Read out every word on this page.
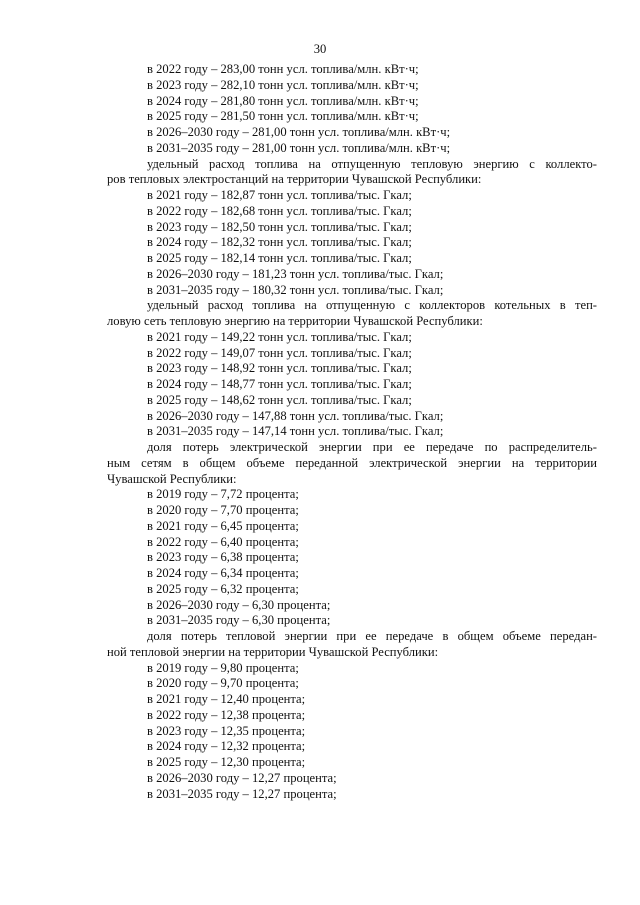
30
в 2022 году – 283,00 тонн усл. топлива/млн. кВт·ч;
в 2023 году – 282,10 тонн усл. топлива/млн. кВт·ч;
в 2024 году – 281,80 тонн усл. топлива/млн. кВт·ч;
в 2025 году – 281,50 тонн усл. топлива/млн. кВт·ч;
в 2026–2030 году – 281,00 тонн усл. топлива/млн. кВт·ч;
в 2031–2035 году – 281,00 тонн усл. топлива/млн. кВт·ч;
удельный расход топлива на отпущенную тепловую энергию с коллекто-
ров тепловых электростанций на территории Чувашской Республики:
в 2021 году – 182,87 тонн усл. топлива/тыс. Гкал;
в 2022 году – 182,68 тонн усл. топлива/тыс. Гкал;
в 2023 году – 182,50 тонн усл. топлива/тыс. Гкал;
в 2024 году – 182,32 тонн усл. топлива/тыс. Гкал;
в 2025 году – 182,14 тонн усл. топлива/тыс. Гкал;
в 2026–2030 году – 181,23 тонн усл. топлива/тыс. Гкал;
в 2031–2035 году – 180,32 тонн усл. топлива/тыс. Гкал;
удельный расход топлива на отпущенную с коллекторов котельных в теп-
ловую сеть тепловую энергию на территории Чувашской Республики:
в 2021 году – 149,22 тонн усл. топлива/тыс. Гкал;
в 2022 году – 149,07 тонн усл. топлива/тыс. Гкал;
в 2023 году – 148,92 тонн усл. топлива/тыс. Гкал;
в 2024 году – 148,77 тонн усл. топлива/тыс. Гкал;
в 2025 году – 148,62 тонн усл. топлива/тыс. Гкал;
в 2026–2030 году – 147,88 тонн усл. топлива/тыс. Гкал;
в 2031–2035 году – 147,14 тонн усл. топлива/тыс. Гкал;
доля потерь электрической энергии при ее передаче по распределитель-
ным сетям в общем объеме переданной электрической энергии на территории
Чувашской Республики:
в 2019 году – 7,72 процента;
в 2020 году – 7,70 процента;
в 2021 году – 6,45 процента;
в 2022 году – 6,40 процента;
в 2023 году – 6,38 процента;
в 2024 году – 6,34 процента;
в 2025 году – 6,32 процента;
в 2026–2030 году – 6,30 процента;
в 2031–2035 году – 6,30 процента;
доля потерь тепловой энергии при ее передаче в общем объеме передан-
ной тепловой энергии на территории Чувашской Республики:
в 2019 году – 9,80 процента;
в 2020 году – 9,70 процента;
в 2021 году – 12,40 процента;
в 2022 году – 12,38 процента;
в 2023 году – 12,35 процента;
в 2024 году – 12,32 процента;
в 2025 году – 12,30 процента;
в 2026–2030 году – 12,27 процента;
в 2031–2035 году – 12,27 процента;
